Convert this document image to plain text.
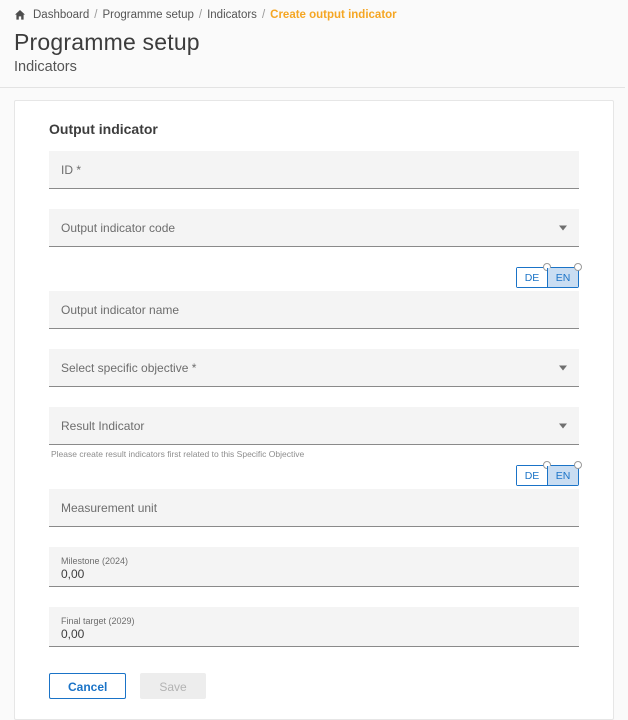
Dashboard / Programme setup / Indicators / Create output indicator
Programme setup
Indicators
Output indicator
ID *
Output indicator code
DE	EN
Output indicator name
Select specific objective *
Result Indicator
Please create result indicators first related to this Specific Objective
DE	EN
Measurement unit
Milestone (2024)
0,00
Final target (2029)
0,00
Cancel	Save
